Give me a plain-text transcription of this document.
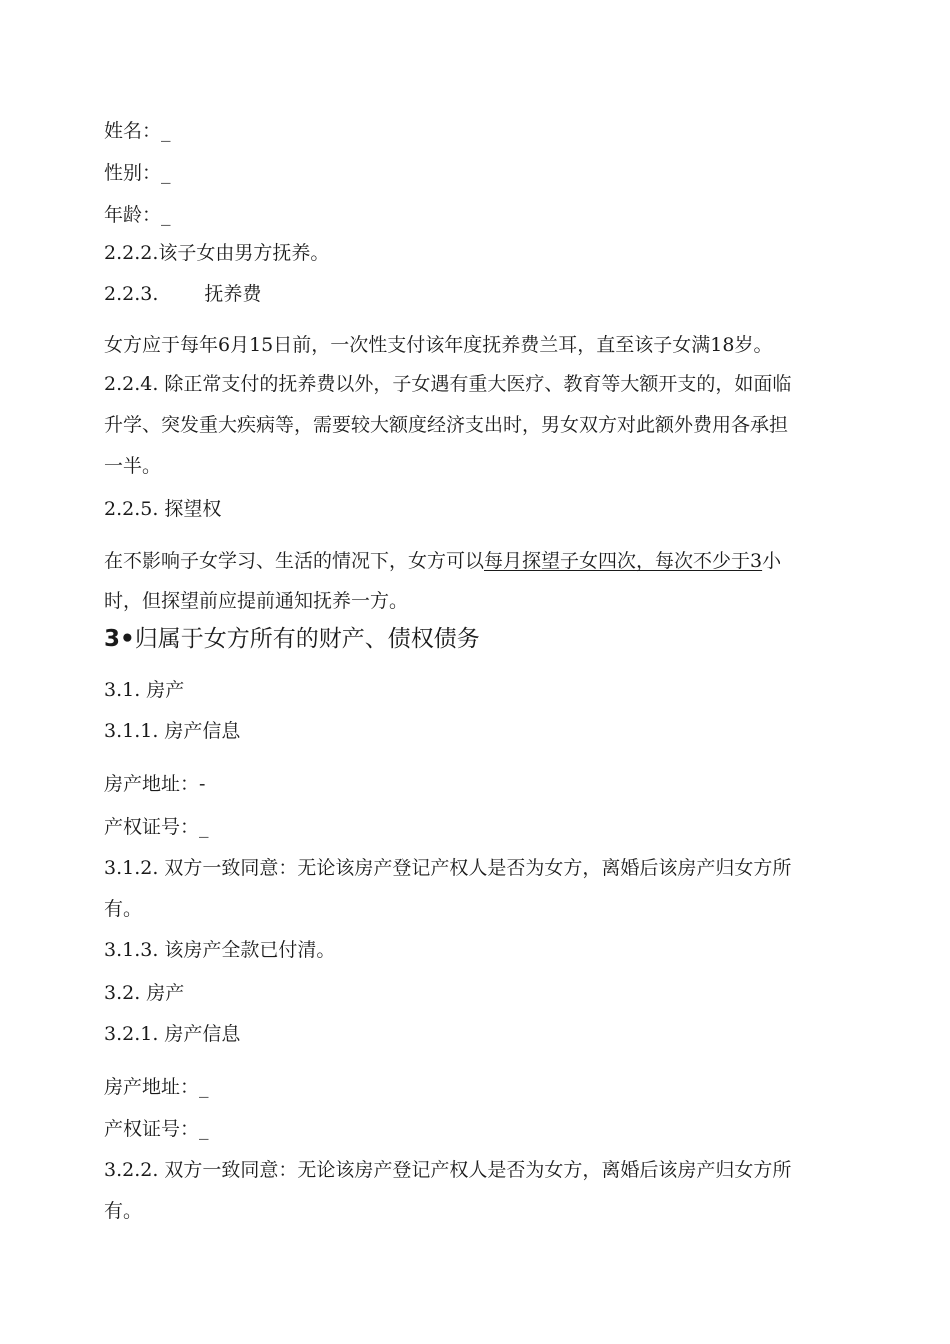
姓名：_
性别：_
年龄：_
2.2.2.该子女由男方抚养。
2.2.3. 抚养费
女方应于每年6月15日前，一次性支付该年度抚养费兰耳，直至该子女满18岁。
2.2.4. 除正常支付的抚养费以外，子女遇有重大医疗、教育等大额开支的，如面临
升学、突发重大疾病等，需要较大额度经济支出时，男女双方对此额外费用各承担
一半。
2.2.5. 探望权
在不影响子女学习、生活的情况下，女方可以每月探望子女四次，每次不少于3小
时，但探望前应提前通知抚养一方。
3•归属于女方所有的财产、债权债务
3.1. 房产
3.1.1. 房产信息
房产地址：-
产权证号：_
3.1.2. 双方一致同意：无论该房产登记产权人是否为女方，离婚后该房产归女方所
有。
3.1.3. 该房产全款已付清。
3.2. 房产
3.2.1. 房产信息
房产地址：_
产权证号：_
3.2.2. 双方一致同意：无论该房产登记产权人是否为女方，离婚后该房产归女方所
有。
